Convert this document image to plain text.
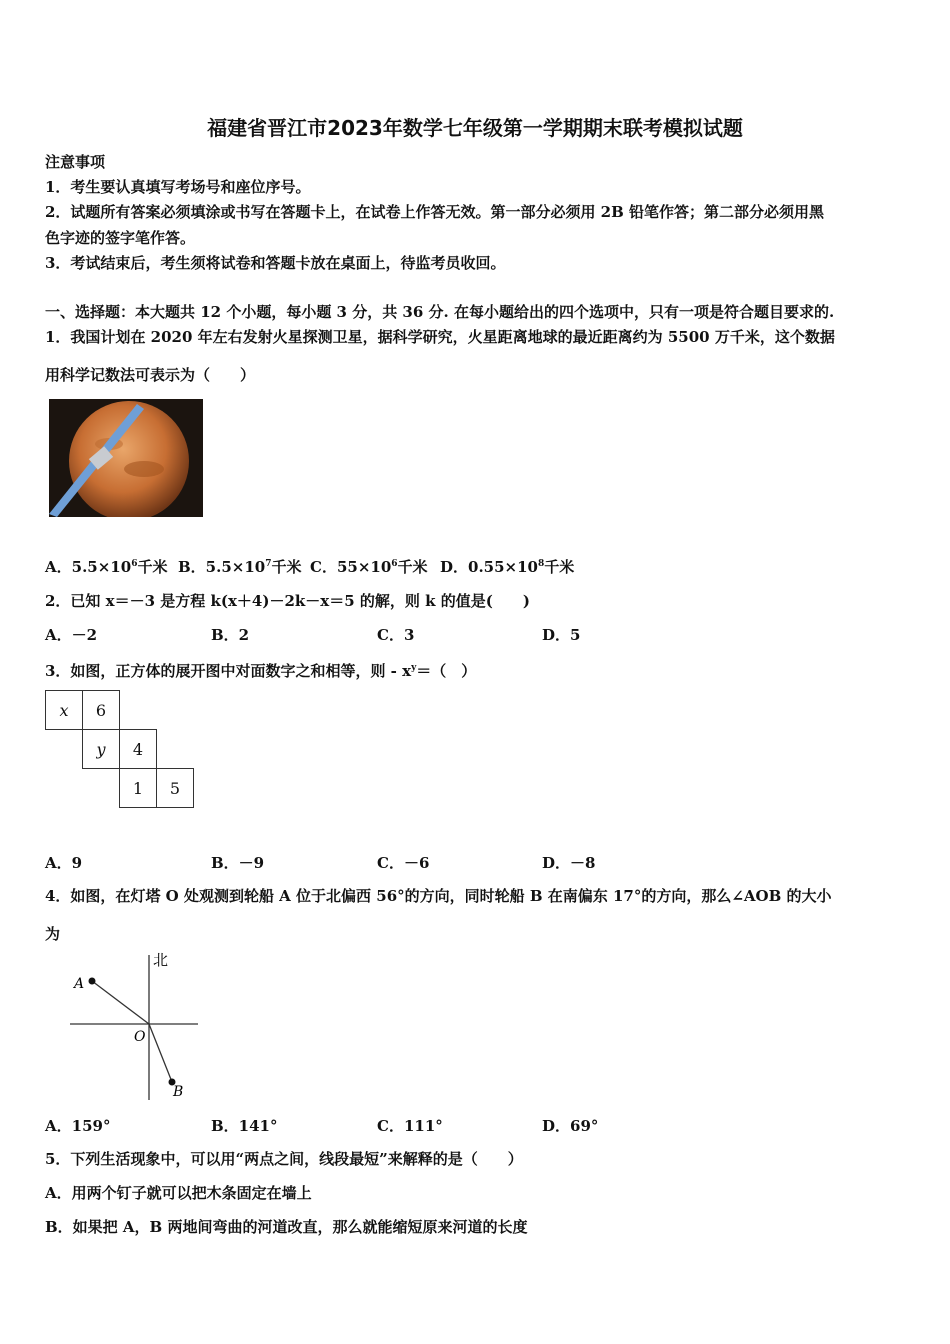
福建省晋江市2023年数学七年级第一学期期末联考模拟试题
注意事项
1．考生要认真填写考场号和座位序号。
2．试题所有答案必须填涂或书写在答题卡上，在试卷上作答无效。第一部分必须用 2B 铅笔作答；第二部分必须用黑
色字迹的签字笔作答。
3．考试结束后，考生须将试卷和答题卡放在桌面上，待监考员收回。
一、选择题：本大题共 12 个小题，每小题 3 分，共 36 分. 在每小题给出的四个选项中，只有一项是符合题目要求的.
1．我国计划在 2020 年左右发射火星探测卫星，据科学研究，火星距离地球的最近距离约为 5500 万千米，这个数据
用科学记数法可表示为（　　）
A．$5.5\times 10^6$千米 B．$5.5\times 10^7$千米 C．$55\times 10^6$千米 D．$0.55\times 10^8$千米
2．已知 x＝－3 是方程 k(x＋4)－2k－x＝5 的解，则 k 的值是(　　)
A．－2	B．2	C．3	D．5
3．如图，正方体的展开图中对面数字之和相等，则 - $x^y=$（　）
x	6		
	y	4	
		1	5
A．9	B．－9	C．－6	D．－8
4．如图，在灯塔 O 处观测到轮船 A 位于北偏西 56°的方向，同时轮船 B 在南偏东 17°的方向，那么∠AOB 的大小
为
北
A
O
B
A．159°	B．141°	C．111°	D．69°
5．下列生活现象中，可以用“两点之间，线段最短”来解释的是（　　）
A．用两个钉子就可以把木条固定在墙上
B．如果把 A，B 两地间弯曲的河道改直，那么就能缩短原来河道的长度
